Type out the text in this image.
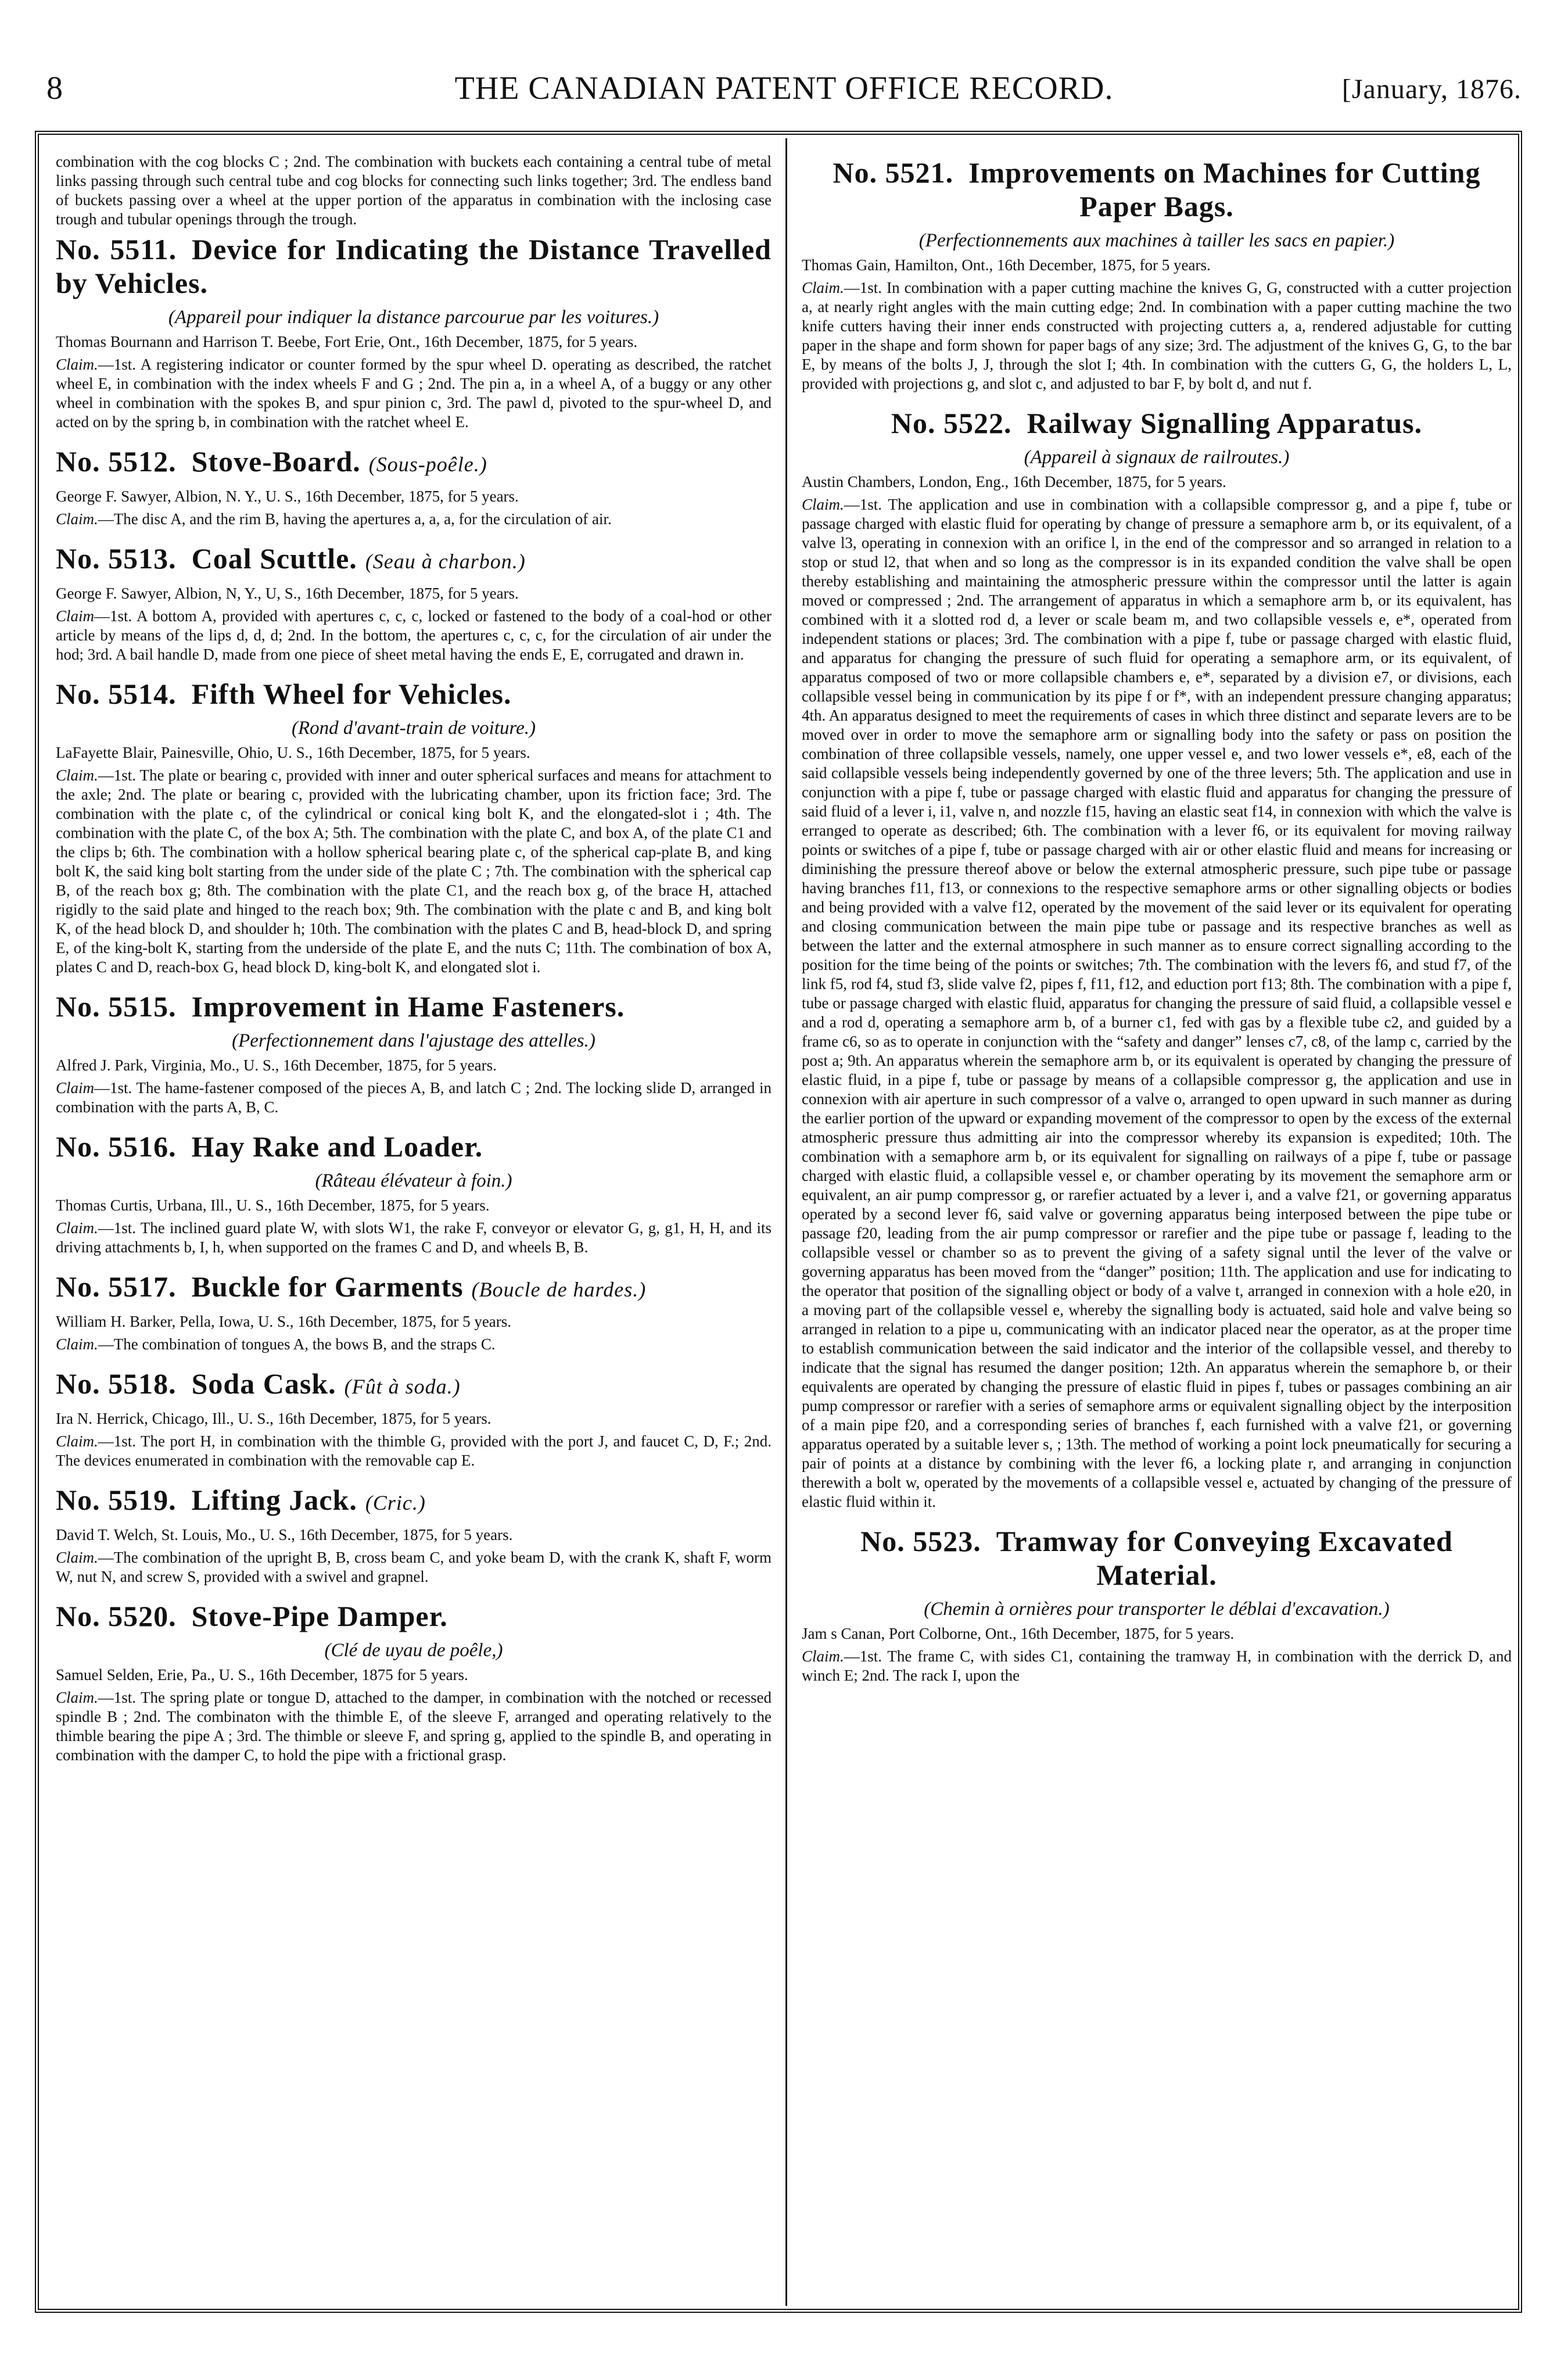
8	THE CANADIAN PATENT OFFICE RECORD.	[January, 1876.

combination with the cog blocks C ; 2nd. The combination with buckets each containing a central tube of metal links passing through such central tube and cog blocks for connecting such links together; 3rd. The endless band of buckets passing over a wheel at the upper portion of the apparatus in combination with the inclosing case trough and tubular openings through the trough.

No. 5511. Device for Indicating the Distance Travelled by Vehicles.

(Appareil pour indiquer la distance parcourue par les voitures.)

Thomas Bournann and Harrison T. Beebe, Fort Erie, Ont., 16th December, 1875, for 5 years.

Claim.—1st. A registering indicator or counter formed by the spur wheel D. operating as described, the ratchet wheel E, in combination with the index wheels F and G ; 2nd. The pin a, in a wheel A, of a buggy or any other wheel in combination with the spokes B, and spur pinion c, 3rd. The pawl d, pivoted to the spur-wheel D, and acted on by the spring b, in combination with the ratchet wheel E.

No. 5512. Stove-Board. (Sous-poêle.)

George F. Sawyer, Albion, N. Y., U. S., 16th December, 1875, for 5 years.

Claim.—The disc A, and the rim B, having the apertures a, a, a, for the circulation of air.

No. 5513. Coal Scuttle. (Seau à charbon.)

George F. Sawyer, Albion, N, Y., U, S., 16th December, 1875, for 5 years.

Claim—1st. A bottom A, provided with apertures c, c, c, locked or fastened to the body of a coal-hod or other article by means of the lips d, d, d; 2nd. In the bottom, the apertures c, c, c, for the circulation of air under the hod; 3rd. A bail handle D, made from one piece of sheet metal having the ends E, E, corrugated and drawn in.

No. 5514. Fifth Wheel for Vehicles.

(Rond d'avant-train de voiture.)

LaFayette Blair, Painesville, Ohio, U. S., 16th December, 1875, for 5 years.

Claim.—1st. The plate or bearing c, provided with inner and outer spherical surfaces and means for attachment to the axle; 2nd. The plate or bearing c, provided with the lubricating chamber, upon its friction face; 3rd. The combination with the plate c, of the cylindrical or conical king bolt K, and the elongated-slot i ; 4th. The combination with the plate C, of the box A; 5th. The combination with the plate C, and box A, of the plate C1 and the clips b; 6th. The combination with a hollow spherical bearing plate c, of the spherical cap-plate B, and king bolt K, the said king bolt starting from the under side of the plate C ; 7th. The combination with the spherical cap B, of the reach box g; 8th. The combination with the plate C1, and the reach box g, of the brace H, attached rigidly to the said plate and hinged to the reach box; 9th. The combination with the plate c and B, and king bolt K, of the head block D, and shoulder h; 10th. The combination with the plates C and B, head-block D, and spring E, of the king-bolt K, starting from the underside of the plate E, and the nuts C; 11th. The combination of box A, plates C and D, reach-box G, head block D, king-bolt K, and elongated slot i.

No. 5515. Improvement in Hame Fasteners.

(Perfectionnement dans l'ajustage des attelles.)

Alfred J. Park, Virginia, Mo., U. S., 16th December, 1875, for 5 years.

Claim—1st. The hame-fastener composed of the pieces A, B, and latch C ; 2nd. The locking slide D, arranged in combination with the parts A, B, C.

No. 5516. Hay Rake and Loader.

(Râteau élévateur à foin.)

Thomas Curtis, Urbana, Ill., U. S., 16th December, 1875, for 5 years.

Claim.—1st. The inclined guard plate W, with slots W1, the rake F, conveyor or elevator G, g, g1, H, H, and its driving attachments b, I, h, when supported on the frames C and D, and wheels B, B.

No. 5517. Buckle for Garments (Boucle de hardes.)

William H. Barker, Pella, Iowa, U. S., 16th December, 1875, for 5 years.

Claim.—The combination of tongues A, the bows B, and the straps C.

No. 5518. Soda Cask. (Fût à soda.)

Ira N. Herrick, Chicago, Ill., U. S., 16th December, 1875, for 5 years.

Claim.—1st. The port H, in combination with the thimble G, provided with the port J, and faucet C, D, F.; 2nd. The devices enumerated in combination with the removable cap E.

No. 5519. Lifting Jack. (Cric.)

David T. Welch, St. Louis, Mo., U. S., 16th December, 1875, for 5 years.

Claim.—The combination of the upright B, B, cross beam C, and yoke beam D, with the crank K, shaft F, worm W, nut N, and screw S, provided with a swivel and grapnel.

No. 5520. Stove-Pipe Damper.

(Clé de uyau de poêle,)

Samuel Selden, Erie, Pa., U. S., 16th December, 1875 for 5 years.

Claim.—1st. The spring plate or tongue D, attached to the damper, in combination with the notched or recessed spindle B ; 2nd. The combinaton with the thimble E, of the sleeve F, arranged and operating relatively to the thimble bearing the pipe A ; 3rd. The thimble or sleeve F, and spring g, applied to the spindle B, and operating in combination with the damper C, to hold the pipe with a frictional grasp.

No. 5521. Improvements on Machines for Cutting Paper Bags.

(Perfectionnements aux machines à tailler les sacs en papier.)

Thomas Gain, Hamilton, Ont., 16th December, 1875, for 5 years.

Claim.—1st. In combination with a paper cutting machine the knives G, G, constructed with a cutter projection a, at nearly right angles with the main cutting edge; 2nd. In combination with a paper cutting machine the two knife cutters having their inner ends constructed with projecting cutters a, a, rendered adjustable for cutting paper in the shape and form shown for paper bags of any size; 3rd. The adjustment of the knives G, G, to the bar E, by means of the bolts J, J, through the slot I; 4th. In combination with the cutters G, G, the holders L, L, provided with projections g, and slot c, and adjusted to bar F, by bolt d, and nut f.

No. 5522. Railway Signalling Apparatus.

(Appareil à signaux de railroutes.)

Austin Chambers, London, Eng., 16th December, 1875, for 5 years.

Claim.—1st. The application and use in combination with a collapsible compressor g, and a pipe f, tube or passage charged with elastic fluid for operating by change of pressure a semaphore arm b, or its equivalent, of a valve l3, operating in connexion with an orifice l, in the end of the compressor and so arranged in relation to a stop or stud l2, that when and so long as the compressor is in its expanded condition the valve shall be open thereby establishing and maintaining the atmospheric pressure within the compressor until the latter is again moved or compressed ; 2nd. The arrangement of apparatus in which a semaphore arm b, or its equivalent, has combined with it a slotted rod d, a lever or scale beam m, and two collapsible vessels e, e*, operated from independent stations or places; 3rd. The combination with a pipe f, tube or passage charged with elastic fluid, and apparatus for changing the pressure of such fluid for operating a semaphore arm, or its equivalent, of apparatus composed of two or more collapsible chambers e, e*, separated by a division e7, or divisions, each collapsible vessel being in communication by its pipe f or f*, with an independent pressure changing apparatus; 4th. An apparatus designed to meet the requirements of cases in which three distinct and separate levers are to be moved over in order to move the semaphore arm or signalling body into the safety or pass on position the combination of three collapsible vessels, namely, one upper vessel e, and two lower vessels e*, e8, each of the said collapsible vessels being independently governed by one of the three levers; 5th. The application and use in conjunction with a pipe f, tube or passage charged with elastic fluid and apparatus for changing the pressure of said fluid of a lever i, i1, valve n, and nozzle f15, having an elastic seat f14, in connexion with which the valve is erranged to operate as described; 6th. The combination with a lever f6, or its equivalent for moving railway points or switches of a pipe f, tube or passage charged with air or other elastic fluid and means for increasing or diminishing the pressure thereof above or below the external atmospheric pressure, such pipe tube or passage having branches f11, f13, or connexions to the respective semaphore arms or other signalling objects or bodies and being provided with a valve f12, operated by the movement of the said lever or its equivalent for operating and closing communication between the main pipe tube or passage and its respective branches as well as between the latter and the external atmosphere in such manner as to ensure correct signalling according to the position for the time being of the points or switches; 7th. The combination with the levers f6, and stud f7, of the link f5, rod f4, stud f3, slide valve f2, pipes f, f11, f12, and eduction port f13; 8th. The combination with a pipe f, tube or passage charged with elastic fluid, apparatus for changing the pressure of said fluid, a collapsible vessel e and a rod d, operating a semaphore arm b, of a burner c1, fed with gas by a flexible tube c2, and guided by a frame c6, so as to operate in conjunction with the “safety and danger” lenses c7, c8, of the lamp c, carried by the post a; 9th. An apparatus wherein the semaphore arm b, or its equivalent is operated by changing the pressure of elastic fluid, in a pipe f, tube or passage by means of a collapsible compressor g, the application and use in connexion with air aperture in such compressor of a valve o, arranged to open upward in such manner as during the earlier portion of the upward or expanding movement of the compressor to open by the excess of the external atmospheric pressure thus admitting air into the compressor whereby its expansion is expedited; 10th. The combination with a semaphore arm b, or its equivalent for signalling on railways of a pipe f, tube or passage charged with elastic fluid, a collapsible vessel e, or chamber operating by its movement the semaphore arm or equivalent, an air pump compressor g, or rarefier actuated by a lever i, and a valve f21, or governing apparatus operated by a second lever f6, said valve or governing apparatus being interposed between the pipe tube or passage f20, leading from the air pump compressor or rarefier and the pipe tube or passage f, leading to the collapsible vessel or chamber so as to prevent the giving of a safety signal until the lever of the valve or governing apparatus has been moved from the “danger” position; 11th. The application and use for indicating to the operator that position of the signalling object or body of a valve t, arranged in connexion with a hole e20, in a moving part of the collapsible vessel e, whereby the signalling body is actuated, said hole and valve being so arranged in relation to a pipe u, communicating with an indicator placed near the operator, as at the proper time to establish communication between the said indicator and the interior of the collapsible vessel, and thereby to indicate that the signal has resumed the danger position; 12th. An apparatus wherein the semaphore b, or their equivalents are operated by changing the pressure of elastic fluid in pipes f, tubes or passages combining an air pump compressor or rarefier with a series of semaphore arms or equivalent signalling object by the interposition of a main pipe f20, and a corresponding series of branches f, each furnished with a valve f21, or governing apparatus operated by a suitable lever s, ; 13th. The method of working a point lock pneumatically for securing a pair of points at a distance by combining with the lever f6, a locking plate r, and arranging in conjunction therewith a bolt w, operated by the movements of a collapsible vessel e, actuated by changing of the pressure of elastic fluid within it.

No. 5523. Tramway for Conveying Excavated Material.

(Chemin à ornières pour transporter le déblai d'excavation.)

Jam s Canan, Port Colborne, Ont., 16th December, 1875, for 5 years.

Claim.—1st. The frame C, with sides C1, containing the tramway H, in combination with the derrick D, and winch E; 2nd. The rack I, upon the
